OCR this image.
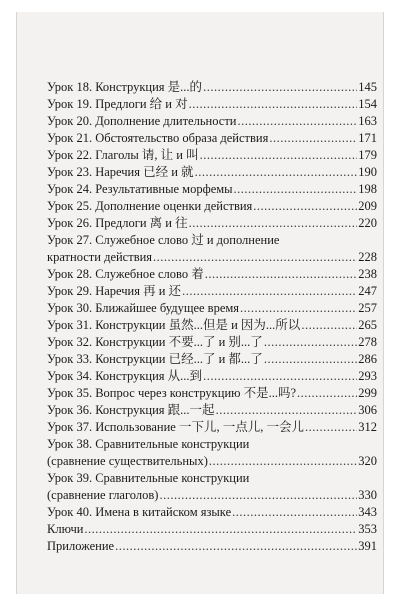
Урок 18. Конструкция 是...的 .....	145
Урок 19. Предлоги 给 и 对 .....	154
Урок 20. Дополнение длительности .....	163
Урок 21. Обстоятельство образа действия .....	171
Урок 22. Глаголы 请, 让 и 叫 .....	179
Урок 23. Наречия 已经 и 就 .....	190
Урок 24. Результативные морфемы .....	198
Урок 25. Дополнение оценки действия .....	209
Урок 26. Предлоги 离 и 往 .....	220
Урок 27. Служебное слово 过 и дополнение
кратности действия .....	228
Урок 28. Служебное слово 着 .....	238
Урок 29. Наречия 再 и 还 .....	247
Урок 30. Ближайшее будущее время .....	257
Урок 31. Конструкции 虽然...但是 и 因为...所以 .....	265
Урок 32. Конструкции 不要...了 и 别...了 .....	278
Урок 33. Конструкции 已经...了 и 都...了 .....	286
Урок 34. Конструкция 从...到 .....	293
Урок 35. Вопрос через конструкцию 不是...吗? .....	299
Урок 36. Конструкция 跟...一起 .....	306
Урок 37. Использование 一下儿, 一点儿, 一会儿 .....	312
Урок 38. Сравнительные конструкции
(сравнение существительных) .....	320
Урок 39. Сравнительные конструкции
(сравнение глаголов) .....	330
Урок 40. Имена в китайском языке .....	343
Ключи .....	353
Приложение .....	391
